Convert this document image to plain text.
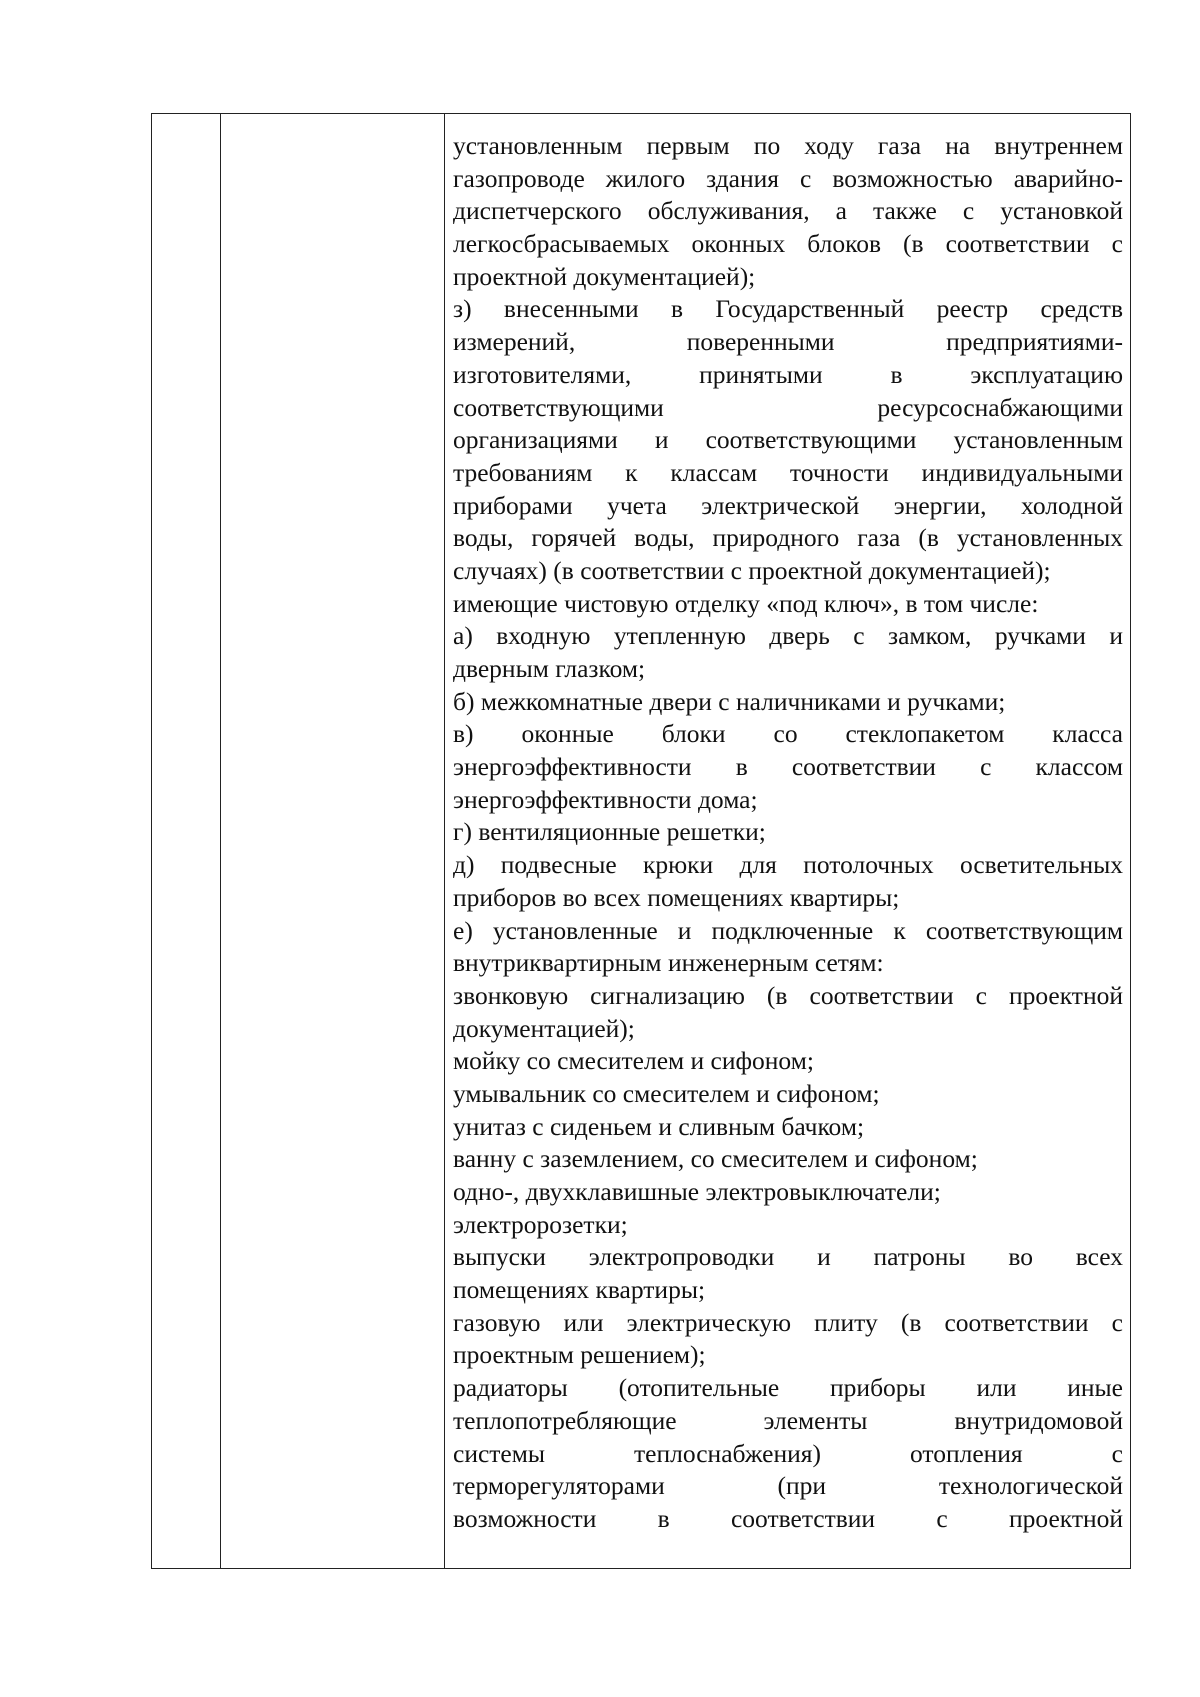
установленным первым по ходу газа на внутреннем
газопроводе жилого здания с возможностью аварийно-
диспетчерского обслуживания, а также с установкой
легкосбрасываемых оконных блоков (в соответствии с
проектной документацией);
з) внесенными в Государственный реестр средств
измерений, поверенными предприятиями-
изготовителями, принятыми в эксплуатацию
соответствующими ресурсоснабжающими
организациями и соответствующими установленным
требованиям к классам точности индивидуальными
приборами учета электрической энергии, холодной
воды, горячей воды, природного газа (в установленных
случаях) (в соответствии с проектной документацией);
имеющие чистовую отделку «под ключ», в том числе:
а) входную утепленную дверь с замком, ручками и
дверным глазком;
б) межкомнатные двери с наличниками и ручками;
в) оконные блоки со стеклопакетом класса
энергоэффективности в соответствии с классом
энергоэффективности дома;
г) вентиляционные решетки;
д) подвесные крюки для потолочных осветительных
приборов во всех помещениях квартиры;
е) установленные и подключенные к соответствующим
внутриквартирным инженерным сетям:
звонковую сигнализацию (в соответствии с проектной
документацией);
мойку со смесителем и сифоном;
умывальник со смесителем и сифоном;
унитаз с сиденьем и сливным бачком;
ванну с заземлением, со смесителем и сифоном;
одно-, двухклавишные электровыключатели;
электророзетки;
выпуски электропроводки и патроны во всех
помещениях квартиры;
газовую или электрическую плиту (в соответствии с
проектным решением);
радиаторы (отопительные приборы или иные
теплопотребляющие элементы внутридомовой
системы теплоснабжения) отопления с
терморегуляторами (при технологической
возможности в соответствии с проектной
